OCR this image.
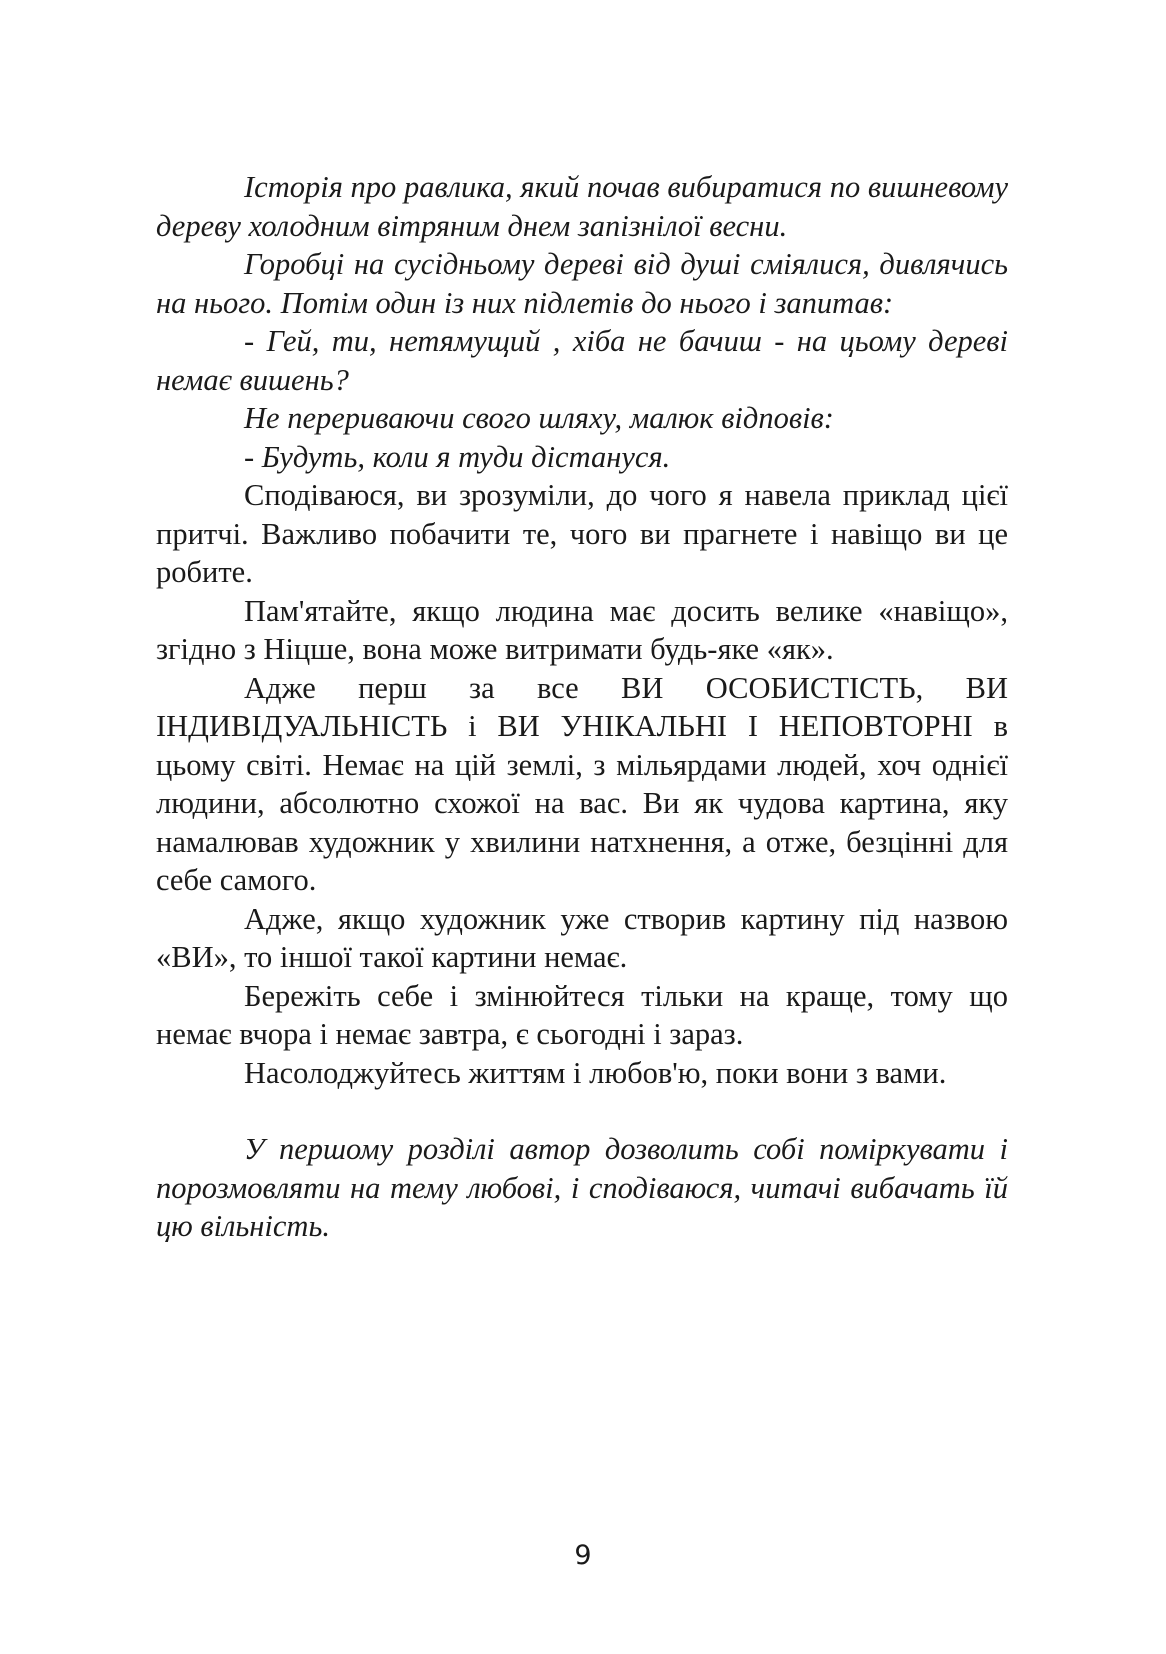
Історія про равлика, який почав вибиратися по вишневому дереву холодним вітряним днем запізнілої весни.

Горобці на сусідньому дереві від душі сміялися, дивлячись на нього. Потім один із них підлетів до нього і запитав:

- Гей, ти, нетямущий , хіба не бачиш - на цьому дереві немає вишень?

Не перериваючи свого шляху, малюк відповів:

- Будуть, коли я туди дістануся.

Сподіваюся, ви зрозуміли, до чого я навела приклад цієї притчі. Важливо побачити те, чого ви прагнете і навіщо ви це робите.

Пам'ятайте, якщо людина має досить велике «навіщо», згідно з Ніцше, вона може витримати будь-яке «як».

Адже перш за все ВИ ОСОБИСТІСТЬ, ВИ ІНДИВІДУАЛЬНІСТЬ і ВИ УНІКАЛЬНІ І НЕПОВТОРНІ в цьому світі. Немає на цій землі, з мільярдами людей, хоч однієї людини, абсолютно схожої на вас. Ви як чудова картина, яку намалював художник у хвилини натхнення, а отже, безцінні для себе самого.

Адже, якщо художник уже створив картину під назвою «ВИ», то іншої такої картини немає.

Бережіть себе і змінюйтеся тільки на краще, тому що немає вчора і немає завтра, є сьогодні і зараз.

Насолоджуйтесь життям і любов'ю, поки вони з вами.

У першому розділі автор дозволить собі поміркувати і порозмовляти на тему любові, і сподіваюся, читачі вибачать їй цю вільність.

9
